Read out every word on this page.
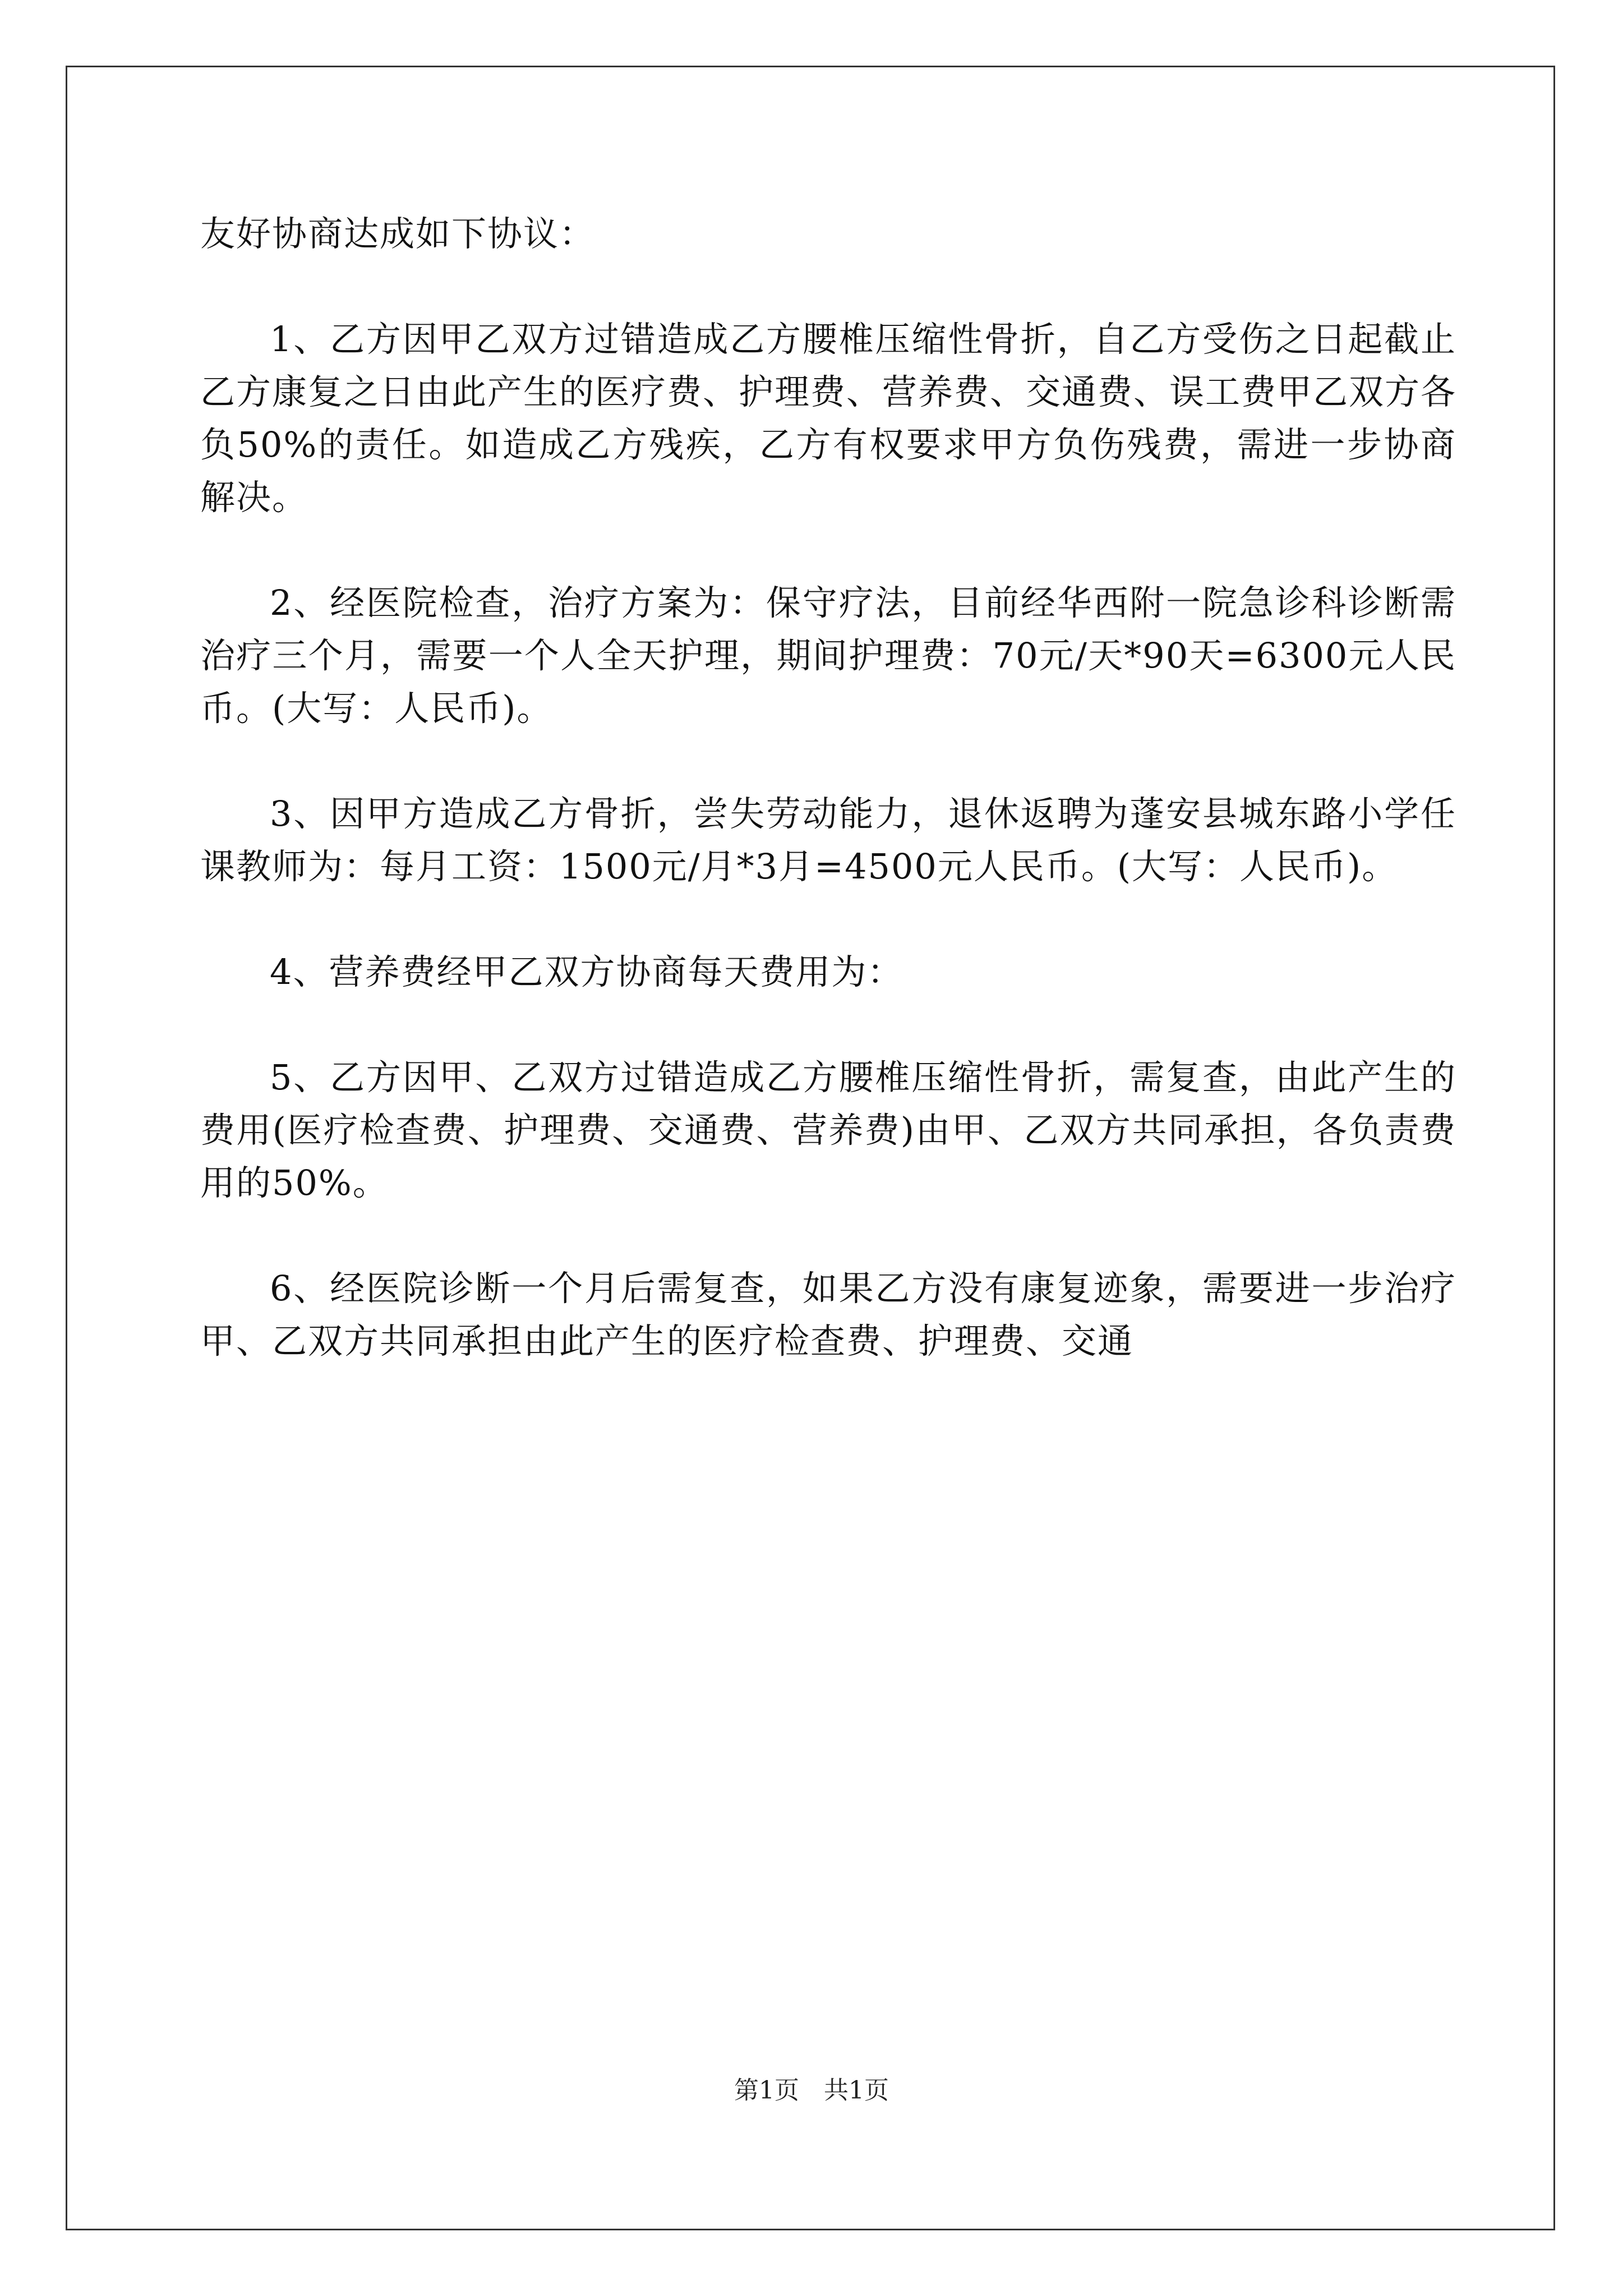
友好协商达成如下协议：

1、乙方因甲乙双方过错造成乙方腰椎压缩性骨折，自乙方受伤之日起截止乙方康复之日由此产生的医疗费、护理费、营养费、交通费、误工费甲乙双方各负50%的责任。如造成乙方残疾，乙方有权要求甲方负伤残费，需进一步协商解决。

2、经医院检查，治疗方案为：保守疗法，目前经华西附一院急诊科诊断需治疗三个月，需要一个人全天护理，期间护理费：70元/天*90天=6300元人民币。(大写：人民币)。

3、因甲方造成乙方骨折，尝失劳动能力，退休返聘为蓬安县城东路小学任课教师为：每月工资：1500元/月*3月=4500元人民币。(大写：人民币)。

4、营养费经甲乙双方协商每天费用为：

5、乙方因甲、乙双方过错造成乙方腰椎压缩性骨折，需复查，由此产生的费用(医疗检查费、护理费、交通费、营养费)由甲、乙双方共同承担，各负责费用的50%。

6、经医院诊断一个月后需复查，如果乙方没有康复迹象，需要进一步治疗甲、乙双方共同承担由此产生的医疗检查费、护理费、交通

第1页 共1页
